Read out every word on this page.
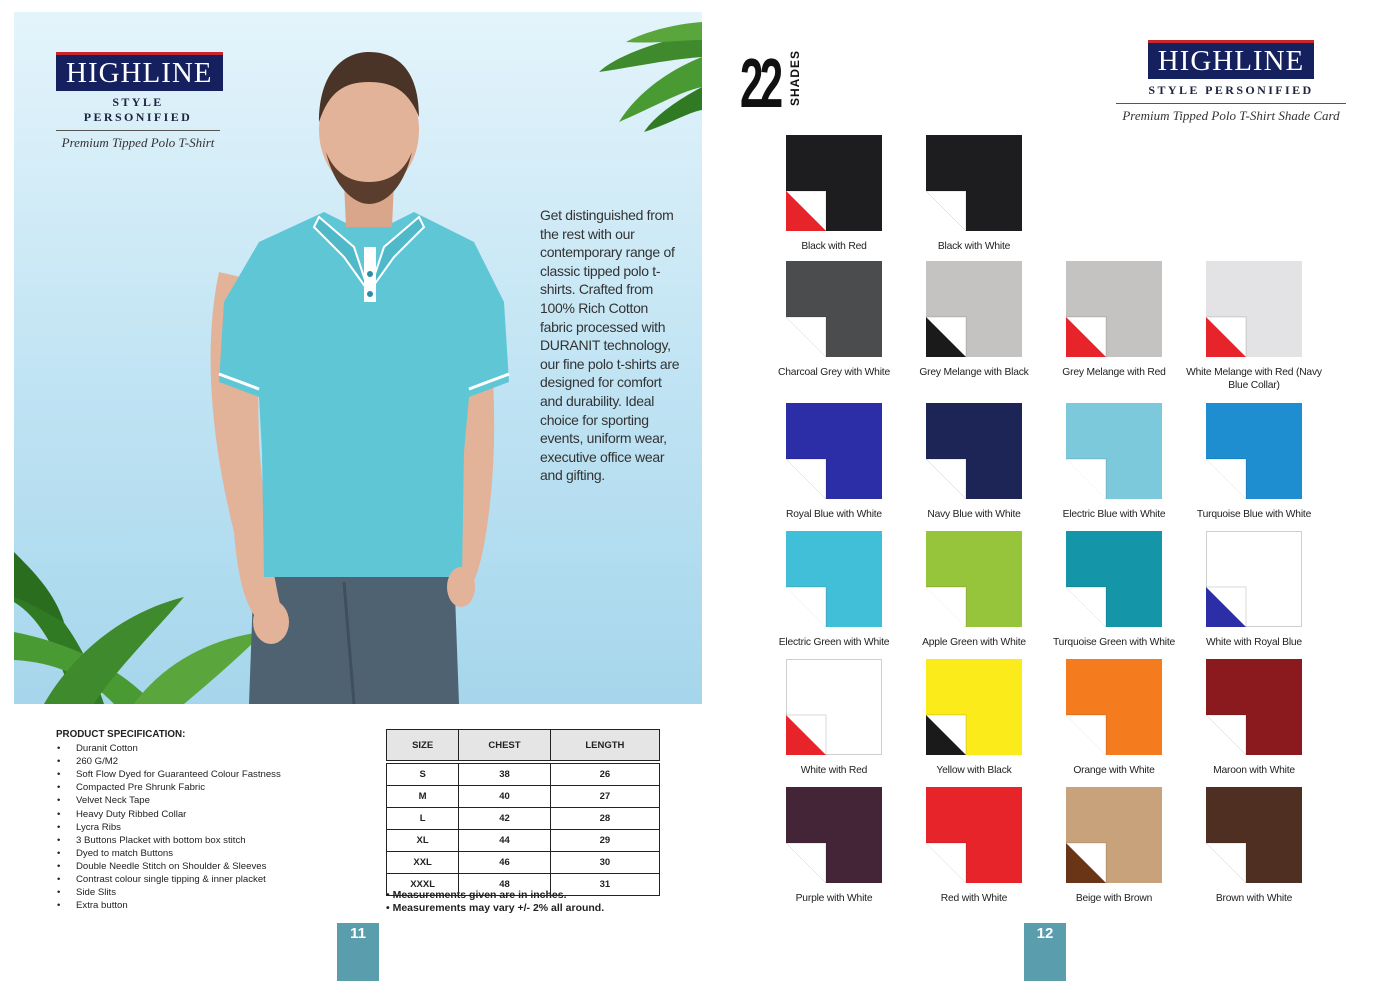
HIGHLINE
STYLE PERSONIFIED
Premium Tipped Polo T-Shirt
Get distinguished from the rest with our contemporary range of classic tipped polo t-shirts. Crafted from 100% Rich Cotton fabric processed with DURANIT technology, our fine polo t-shirts are designed for comfort and durability. Ideal choice for sporting events, uniform wear, executive office wear and gifting.
PRODUCT SPECIFICATION:
• Duranit Cotton
• 260 G/M2
• Soft Flow Dyed for Guaranteed Colour Fastness
• Compacted Pre Shrunk Fabric
• Velvet Neck Tape
• Heavy Duty Ribbed Collar
• Lycra Ribs
• 3 Buttons Placket with bottom box stitch
• Dyed to match Buttons
• Double Needle Stitch on Shoulder & Sleeves
• Contrast colour single tipping & inner placket
• Side Slits
• Extra button
SIZE	CHEST	LENGTH

S	38	26
M	40	27
L	42	28
XL	44	29
XXL	46	30
XXXL	48	31
• Measurements given are in inches.
• Measurements may vary +/- 2% all around.
11
22 SHADES	HIGHLINE
STYLE PERSONIFIED
Premium Tipped Polo T-Shirt Shade Card
Black with Red	Black with White
Charcoal Grey with White	Grey Melange with Black	Grey Melange with Red	White Melange with Red (Navy Blue Collar)
Royal Blue with White	Navy Blue with White	Electric Blue with White	Turquoise Blue with White
Electric Green with White	Apple Green with White	Turquoise Green with White	White with Royal Blue
White with Red	Yellow with Black	Orange with White	Maroon with White
Purple with White	Red with White	Beige with Brown	Brown with White
12
